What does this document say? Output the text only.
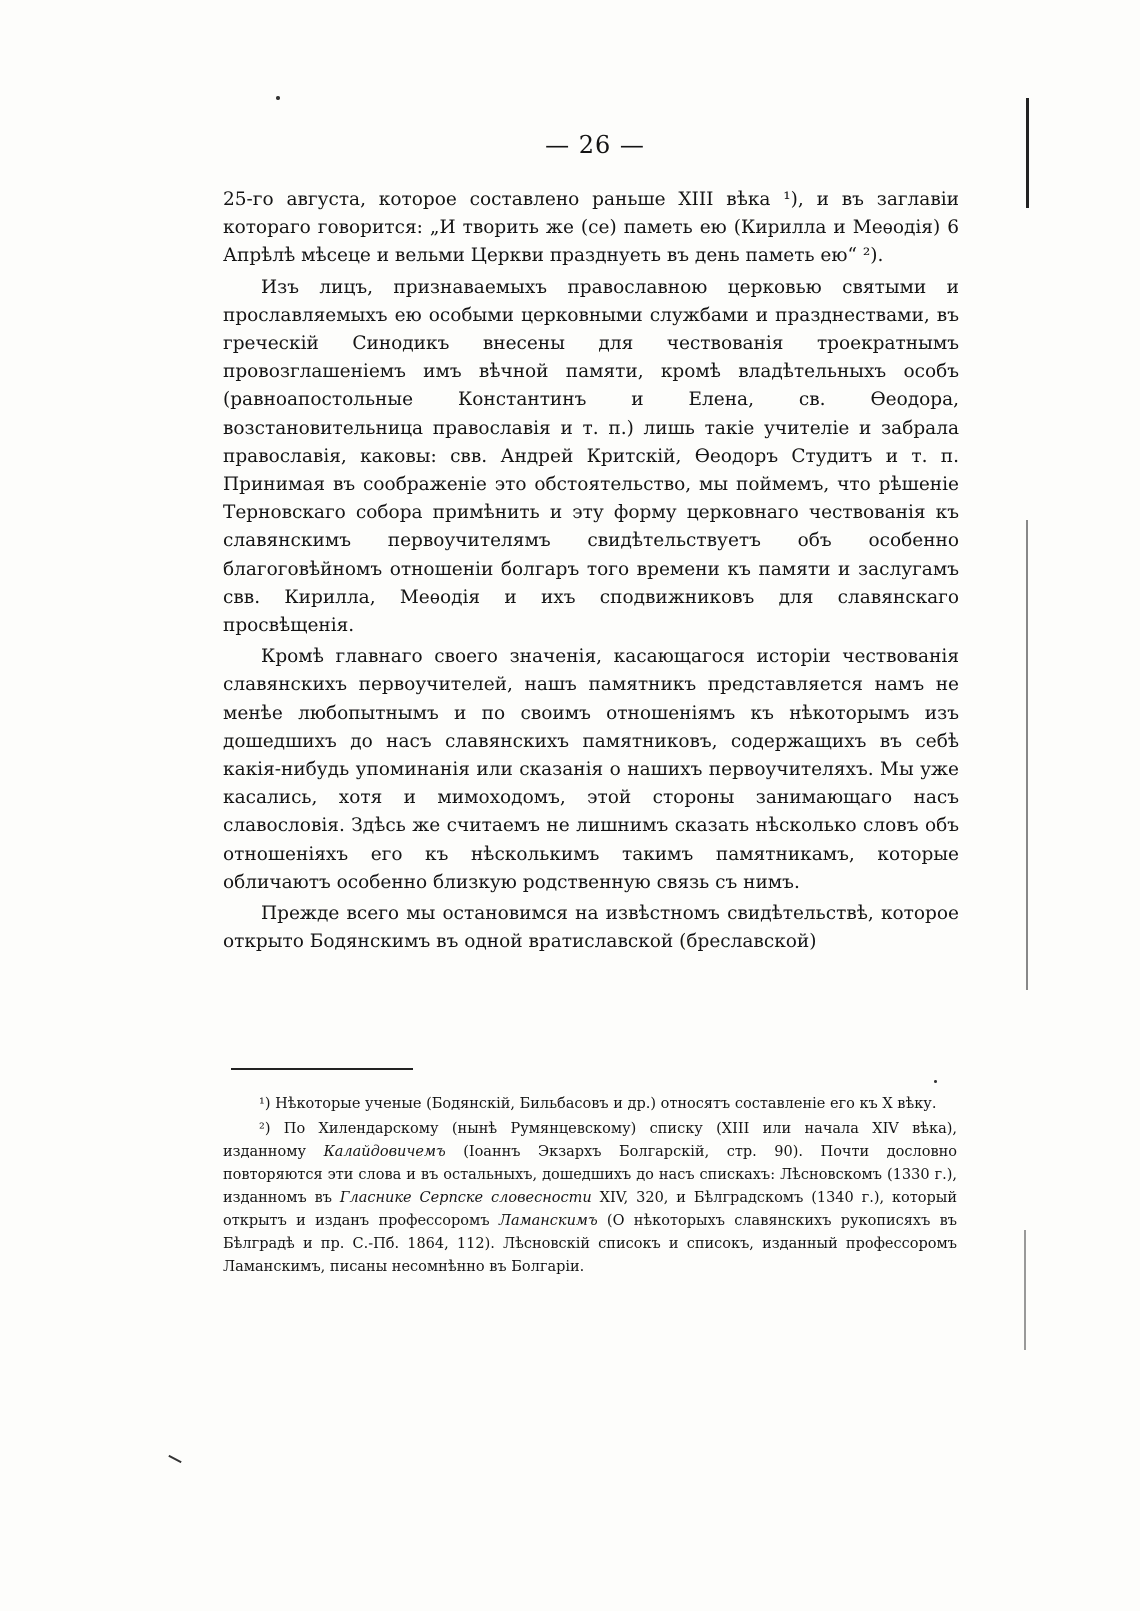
— 26 —

25-го августа, которое составлено раньше XIII вѣка ¹), и въ заглавіи котораго говорится: „И творить же (се) паметь ею (Кирилла и Меѳодія) 6 Апрѣлѣ мѣсеце и вельми Церкви празднуеть въ день паметь ею“ ²).

Изъ лицъ, признаваемыхъ православною церковью святыми и прославляемыхъ ею особыми церковными службами и празднествами, въ греческій Синодикъ внесены для чествованія троекратнымъ провозглашеніемъ имъ вѣчной памяти, кромѣ владѣтельныхъ особъ (равноапостольные Константинъ и Елена, св. Ѳеодора, возстановительница православія и т. п.) лишь такіе учителіе и забрала православія, каковы: свв. Андрей Критскій, Ѳеодоръ Студитъ и т. п. Принимая въ соображеніе это обстоятельство, мы поймемъ, что рѣшеніе Терновскаго собора примѣнить и эту форму церковнаго чествованія къ славянскимъ первоучителямъ свидѣтельствуетъ объ особенно благоговѣйномъ отношеніи болгаръ того времени къ памяти и заслугамъ свв. Кирилла, Меѳодія и ихъ сподвижниковъ для славянскаго просвѣщенія.

Кромѣ главнаго своего значенія, касающагося исторіи чествованія славянскихъ первоучителей, нашъ памятникъ представляется намъ не менѣе любопытнымъ и по своимъ отношеніямъ къ нѣкоторымъ изъ дошедшихъ до насъ славянскихъ памятниковъ, содержащихъ въ себѣ какія-нибудь упоминанія или сказанія о нашихъ первоучителяхъ. Мы уже касались, хотя и мимоходомъ, этой стороны занимающаго насъ славословія. Здѣсь же считаемъ не лишнимъ сказать нѣсколько словъ объ отношеніяхъ его къ нѣсколькимъ такимъ памятникамъ, которые обличаютъ особенно близкую родственную связь съ нимъ.

Прежде всего мы остановимся на извѣстномъ свидѣтельствѣ, которое открыто Бодянскимъ въ одной вратиславской (бреславской)

¹) Нѣкоторые ученые (Бодянскій, Бильбасовъ и др.) относятъ составленіе его къ X вѣку.

²) По Хилендарскому (нынѣ Румянцевскому) списку (XIII или начала XIV вѣка), изданному Калайдовичемъ (Іоаннъ Экзархъ Болгарскій, стр. 90). Почти дословно повторяются эти слова и въ остальныхъ, дошедшихъ до насъ спискахъ: Лѣсновскомъ (1330 г.), изданномъ въ Гласнике Серпске словесности XIV, 320, и Бѣлградскомъ (1340 г.), который открытъ и изданъ профессоромъ Ламанскимъ (О нѣкоторыхъ славянскихъ рукописяхъ въ Бѣлградѣ и пр. С.-Пб. 1864, 112). Лѣсновскій списокъ и списокъ, изданный профессоромъ Ламанскимъ, писаны несомнѣнно въ Болгаріи.
